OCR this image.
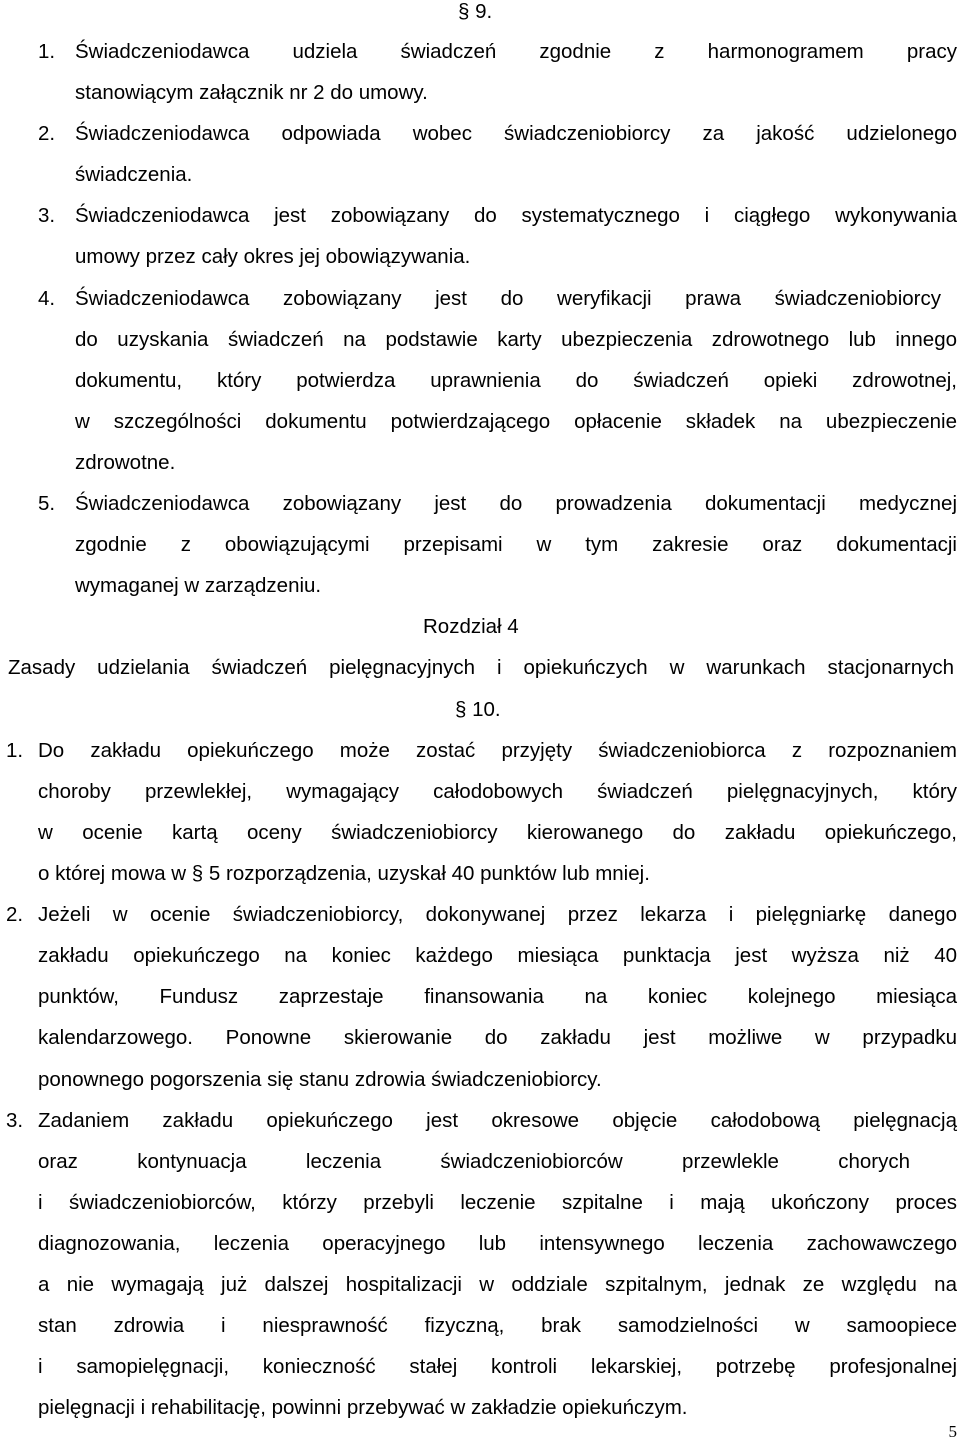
§ 9.
1. Świadczeniodawca udziela świadczeń zgodnie z harmonogramem pracy
stanowiącym załącznik nr 2 do umowy.
2. Świadczeniodawca odpowiada wobec świadczeniobiorcy za jakość udzielonego
świadczenia.
3. Świadczeniodawca jest zobowiązany do systematycznego i ciągłego wykonywania
umowy przez cały okres jej obowiązywania.
4. Świadczeniodawca zobowiązany jest do weryfikacji prawa świadczeniobiorcy
do uzyskania świadczeń na podstawie karty ubezpieczenia zdrowotnego lub innego
dokumentu, który potwierdza uprawnienia do świadczeń opieki zdrowotnej,
w szczególności dokumentu potwierdzającego opłacenie składek na ubezpieczenie
zdrowotne.
5. Świadczeniodawca zobowiązany jest do prowadzenia dokumentacji medycznej
zgodnie z obowiązującymi przepisami w tym zakresie oraz dokumentacji
wymaganej w zarządzeniu.
Rozdział 4
Zasady udzielania świadczeń pielęgnacyjnych i opiekuńczych w warunkach stacjonarnych
§ 10.
1. Do zakładu opiekuńczego może zostać przyjęty świadczeniobiorca z rozpoznaniem
choroby przewlekłej, wymagający całodobowych świadczeń pielęgnacyjnych, który
w ocenie kartą oceny świadczeniobiorcy kierowanego do zakładu opiekuńczego,
o której mowa w § 5 rozporządzenia, uzyskał 40 punktów lub mniej.
2. Jeżeli w ocenie świadczeniobiorcy, dokonywanej przez lekarza i pielęgniarkę danego
zakładu opiekuńczego na koniec każdego miesiąca punktacja jest wyższa niż 40
punktów, Fundusz zaprzestaje finansowania na koniec kolejnego miesiąca
kalendarzowego. Ponowne skierowanie do zakładu jest możliwe w przypadku
ponownego pogorszenia się stanu zdrowia świadczeniobiorcy.
3. Zadaniem zakładu opiekuńczego jest okresowe objęcie całodobową pielęgnacją
oraz kontynuacja leczenia świadczeniobiorców przewlekle chorych
i świadczeniobiorców, którzy przebyli leczenie szpitalne i mają ukończony proces
diagnozowania, leczenia operacyjnego lub intensywnego leczenia zachowawczego
a nie wymagają już dalszej hospitalizacji w oddziale szpitalnym, jednak ze względu na
stan zdrowia i niesprawność fizyczną, brak samodzielności w samoopiece
i samopielęgnacji, konieczność stałej kontroli lekarskiej, potrzebę profesjonalnej
pielęgnacji i rehabilitację, powinni przebywać w zakładzie opiekuńczym.
5
